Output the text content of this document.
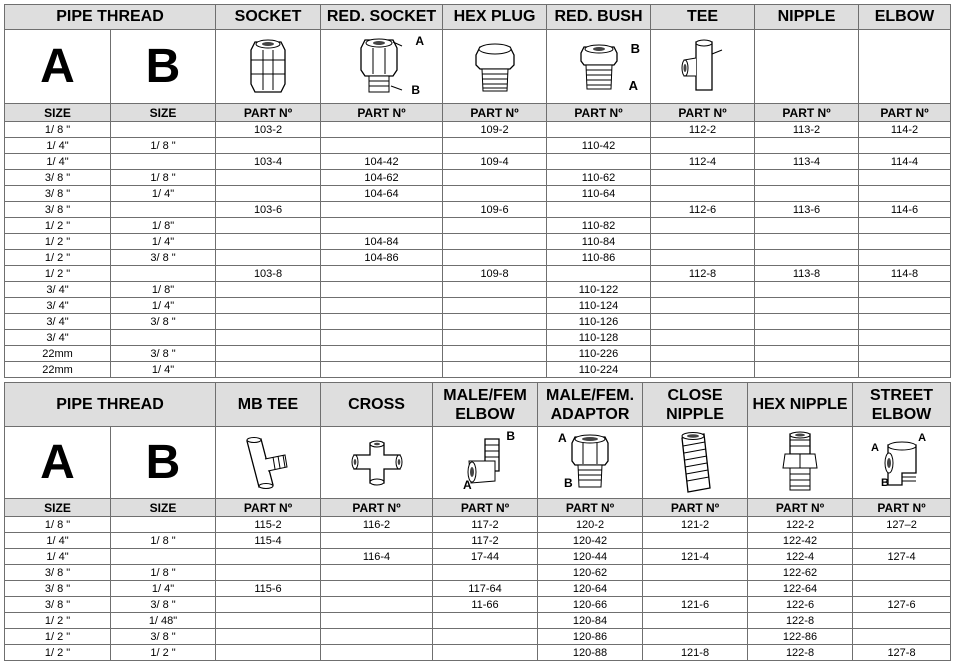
PIPE THREAD		SOCKET	RED. SOCKET	HEX PLUG	RED. BUSH	TEE	NIPPLE	ELBOW
A	B		A
B		B
A

SIZE	SIZE	PART Nº	PART Nº	PART Nº	PART Nº	PART Nº	PART Nº	PART Nº
1/ 8 "		103-2		109-2		112-2	113-2	114-2
1/ 4"	1/ 8 "				110-42			
1/ 4"		103-4	104-42	109-4		112-4	113-4	114-4
3/ 8 "	1/ 8 "		104-62		110-62			
3/ 8 "	1/ 4"		104-64		110-64			
3/ 8 "		103-6		109-6		112-6	113-6	114-6
1/ 2 "	1/ 8"				110-82			
1/ 2 "	1/ 4"		104-84		110-84			
1/ 2 "	3/ 8 "		104-86		110-86			
1/ 2 "		103-8		109-8		112-8	113-8	114-8
3/ 4"	1/ 8"				110-122			
3/ 4"	1/ 4"				110-124			
3/ 4"	3/ 8 "				110-126			
3/ 4"					110-128			
22mm	3/ 8 "				110-226			
22mm	1/ 4"				110-224			
PIPE THREAD		MB TEE	CROSS	MALE/FEM ELBOW	MALE/FEM. ADAPTOR	CLOSE NIPPLE	HEX NIPPLE	STREET ELBOW
A	B			B
A	A
B			A
A
B

SIZE	SIZE	PART Nº	PART Nº	PART Nº	PART Nº	PART Nº	PART Nº	PART Nº
1/ 8 "		115-2	116-2	117-2	120-2	121-2	122-2	127–2
1/ 4"	1/ 8 "	115-4		117-2	120-42		122-42	
1/ 4"			116-4	17-44	120-44	121-4	122-4	127-4
3/ 8 "	1/ 8 "				120-62		122-62	
3/ 8 "	1/ 4"	115-6		117-64	120-64		122-64	
3/ 8 "	3/ 8 "			11-66	120-66	121-6	122-6	127-6
1/ 2 "	1/ 48"				120-84		122-8	
1/ 2 "	3/ 8 "				120-86		122-86	
1/ 2 "	1/ 2 "				120-88	121-8	122-8	127-8
